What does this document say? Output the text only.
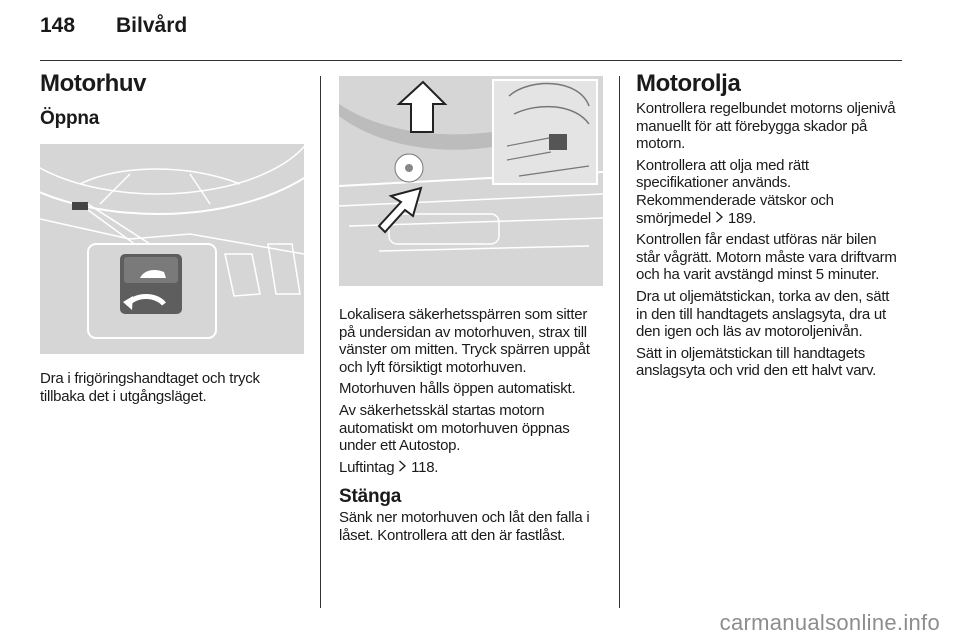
148 Bilvård
Motorhuv
Öppna

Dra i frigöringshandtaget och tryck tillbaka det i utgångsläget.

Lokalisera säkerhetsspärren som sitter på undersidan av motorhuven, strax till vänster om mitten. Tryck spärren uppåt och lyft försiktigt motorhuven.

Motorhuven hålls öppen automatiskt.

Av säkerhetsskäl startas motorn automatiskt om motorhuven öppnas under ett Autostop.

Luftintag 118.

Stänga

Sänk ner motorhuven och låt den falla i låset. Kontrollera att den är fastlåst.

Motorolja

Kontrollera regelbundet motorns oljenivå manuellt för att förebygga skador på motorn.

Kontrollera att olja med rätt specifikationer används. Rekommenderade vätskor och smörjmedel 189.

Kontrollen får endast utföras när bilen står vågrätt. Motorn måste vara driftvarm och ha varit avstängd minst 5 minuter.

Dra ut oljemätstickan, torka av den, sätt in den till handtagets anslagsyta, dra ut den igen och läs av motoroljenivån.

Sätt in oljemätstickan till handtagets anslagsyta och vrid den ett halvt varv.

carmanualsonline.info
